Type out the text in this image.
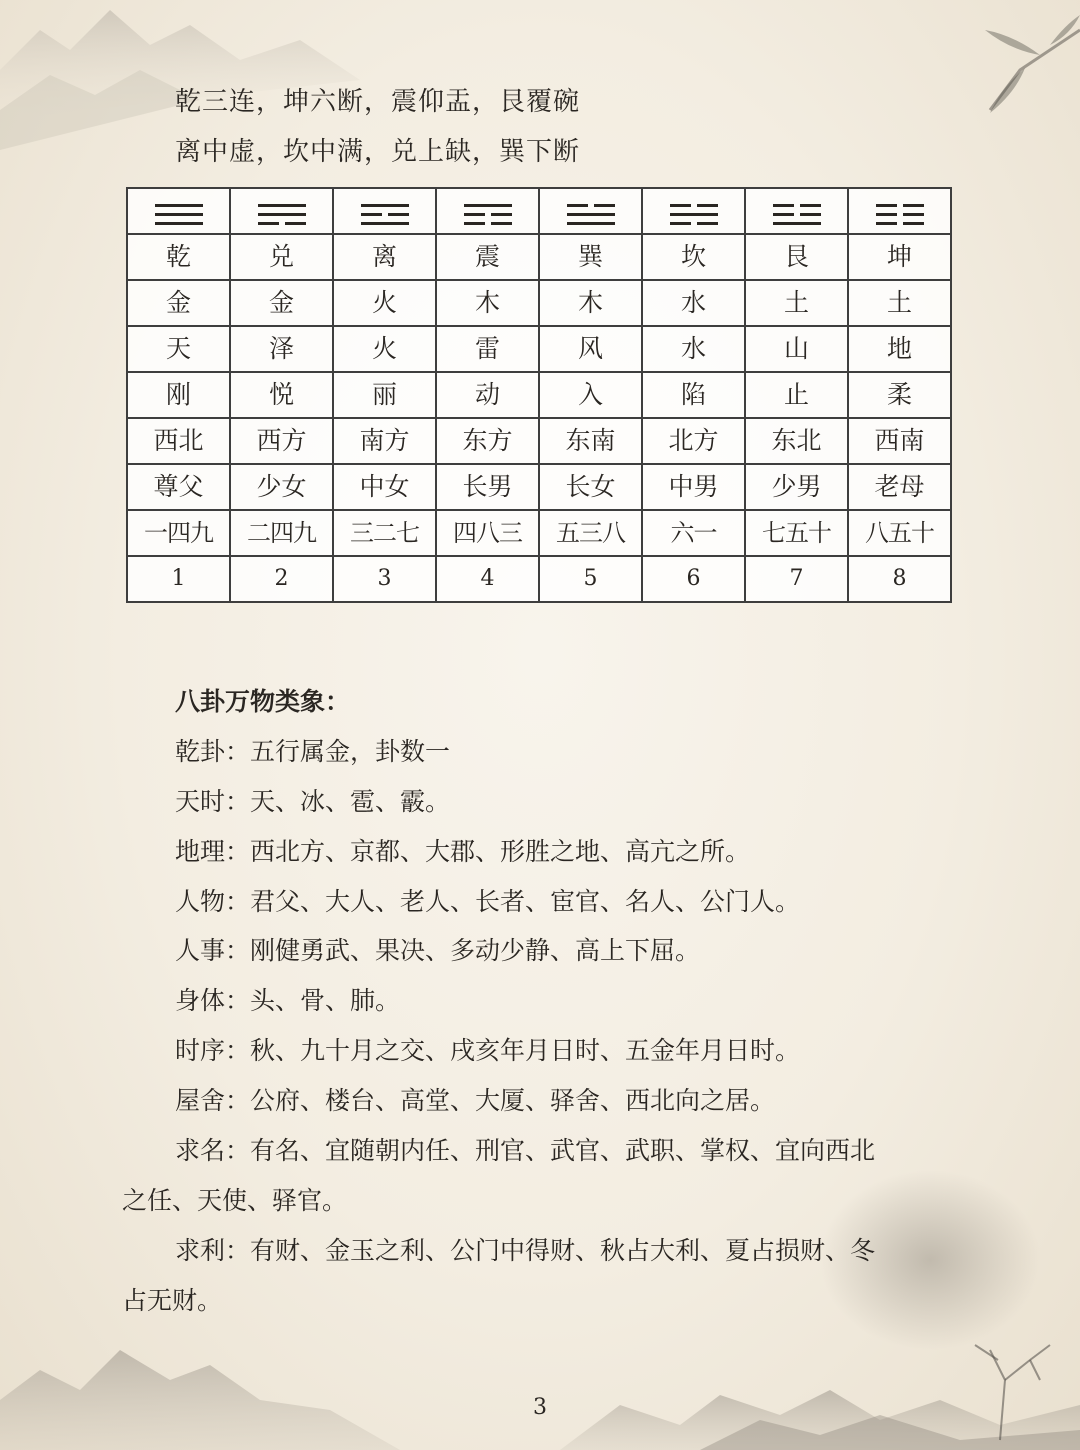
乾三连，坤六断，震仰盂，艮覆碗
离中虚，坎中满，兑上缺，巽下断

乾	兑	离	震	巽	坎	艮	坤
金	金	火	木	木	水	土	土
天	泽	火	雷	风	水	山	地
刚	悦	丽	动	入	陷	止	柔
西北	西方	南方	东方	东南	北方	东北	西南
尊父	少女	中女	长男	长女	中男	少男	老母
一四九	二四九	三二七	四八三	五三八	六一	七五十	八五十
1	2	3	4	5	6	7	8
八卦万物类象：
乾卦：五行属金，卦数一
天时：天、冰、雹、霰。
地理：西北方、京都、大郡、形胜之地、高亢之所。
人物：君父、大人、老人、长者、宦官、名人、公门人。
人事：刚健勇武、果决、多动少静、高上下屈。
身体：头、骨、肺。
时序：秋、九十月之交、戌亥年月日时、五金年月日时。
屋舍：公府、楼台、高堂、大厦、驿舍、西北向之居。
求名：有名、宜随朝内任、刑官、武官、武职、掌权、宜向西北
之任、天使、驿官。
求利：有财、金玉之利、公门中得财、秋占大利、夏占损财、冬
占无财。
3
